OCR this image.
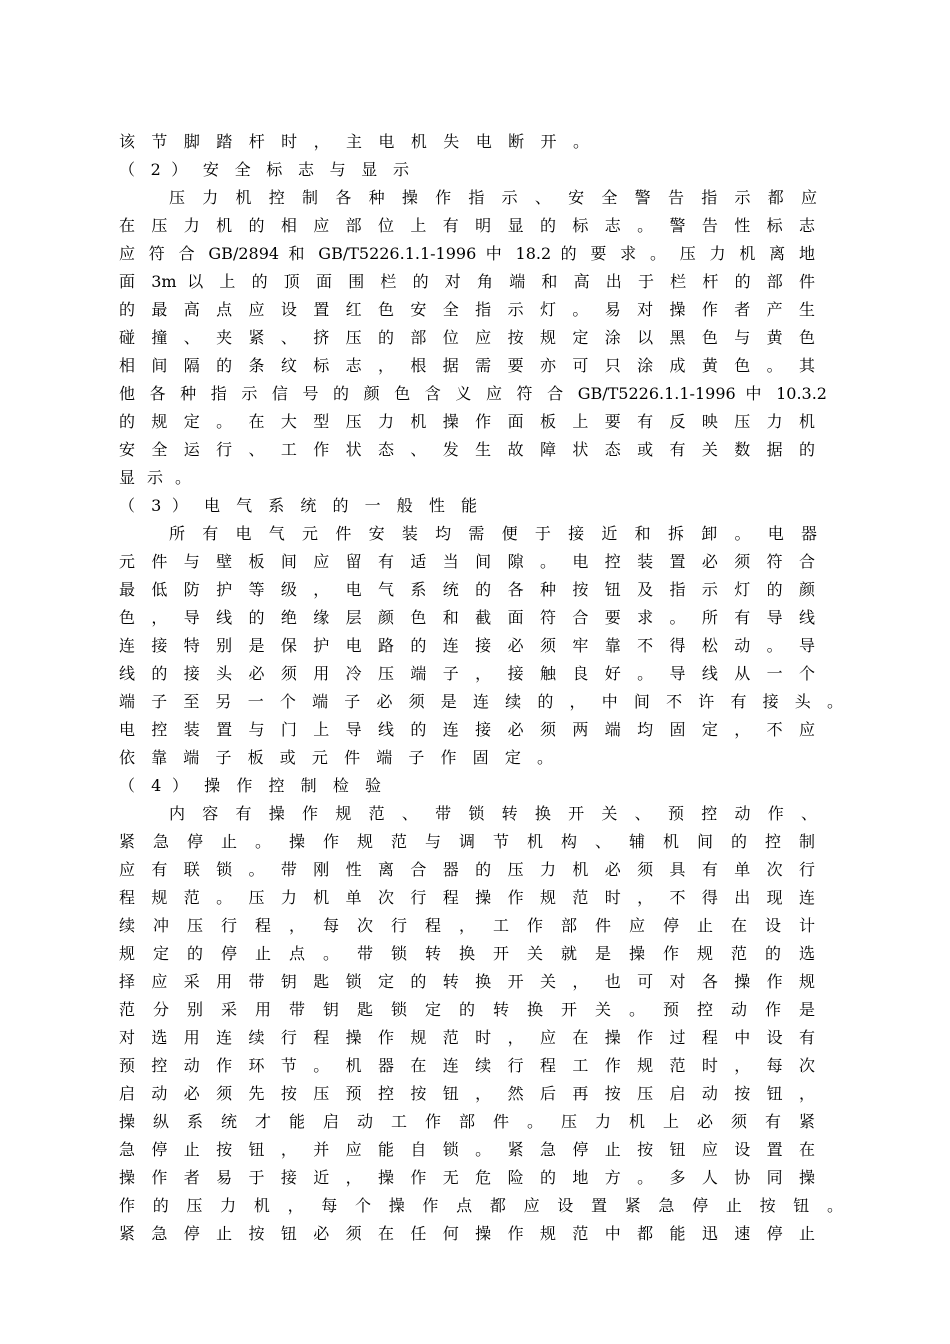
该 节 脚 踏 杆 时 ， 主 电 机 失 电 断 开 。
（ 2 ） 安 全 标 志 与 显 示
压 力 机 控 制 各 种 操 作 指 示 、 安 全 警 告 指 示 都 应
在 压 力 机 的 相 应 部 位 上 有 明 显 的 标 志 。 警 告 性 标 志
应 符 合 GB/2894 和 GB/T5226.1.1-1996 中 18.2 的 要 求 。 压 力 机 离 地
面 3m 以 上 的 顶 面 围 栏 的 对 角 端 和 高 出 于 栏 杆 的 部 件
的 最 高 点 应 设 置 红 色 安 全 指 示 灯 。 易 对 操 作 者 产 生
碰 撞 、 夹 紧 、 挤 压 的 部 位 应 按 规 定 涂 以 黑 色 与 黄 色
相 间 隔 的 条 纹 标 志 ， 根 据 需 要 亦 可 只 涂 成 黄 色 。 其
他 各 种 指 示 信 号 的 颜 色 含 义 应 符 合 GB/T5226.1.1-1996 中 10.3.2
的 规 定 。 在 大 型 压 力 机 操 作 面 板 上 要 有 反 映 压 力 机
安 全 运 行 、 工 作 状 态 、 发 生 故 障 状 态 或 有 关 数 据 的
显 示 。
（ 3 ） 电 气 系 统 的 一 般 性 能
所 有 电 气 元 件 安 装 均 需 便 于 接 近 和 拆 卸 。 电 器
元 件 与 壁 板 间 应 留 有 适 当 间 隙 。 电 控 装 置 必 须 符 合
最 低 防 护 等 级 ， 电 气 系 统 的 各 种 按 钮 及 指 示 灯 的 颜
色 ， 导 线 的 绝 缘 层 颜 色 和 截 面 符 合 要 求 。 所 有 导 线
连 接 特 别 是 保 护 电 路 的 连 接 必 须 牢 靠 不 得 松 动 。 导
线 的 接 头 必 须 用 冷 压 端 子 ， 接 触 良 好 。 导 线 从 一 个
端 子 至 另 一 个 端 子 必 须 是 连 续 的 ， 中 间 不 许 有 接 头 。
电 控 装 置 与 门 上 导 线 的 连 接 必 须 两 端 均 固 定 ， 不 应
依 靠 端 子 板 或 元 件 端 子 作 固 定 。
（ 4 ） 操 作 控 制 检 验
内 容 有 操 作 规 范 、 带 锁 转 换 开 关 、 预 控 动 作 、
紧 急 停 止 。 操 作 规 范 与 调 节 机 构 、 辅 机 间 的 控 制
应 有 联 锁 。 带 刚 性 离 合 器 的 压 力 机 必 须 具 有 单 次 行
程 规 范 。 压 力 机 单 次 行 程 操 作 规 范 时 ， 不 得 出 现 连
续 冲 压 行 程 ， 每 次 行 程 ， 工 作 部 件 应 停 止 在 设 计
规 定 的 停 止 点 。 带 锁 转 换 开 关 就 是 操 作 规 范 的 选
择 应 采 用 带 钥 匙 锁 定 的 转 换 开 关 ， 也 可 对 各 操 作 规
范 分 别 采 用 带 钥 匙 锁 定 的 转 换 开 关 。 预 控 动 作 是
对 选 用 连 续 行 程 操 作 规 范 时 ， 应 在 操 作 过 程 中 设 有
预 控 动 作 环 节 。 机 器 在 连 续 行 程 工 作 规 范 时 ， 每 次
启 动 必 须 先 按 压 预 控 按 钮 ， 然 后 再 按 压 启 动 按 钮 ，
操 纵 系 统 才 能 启 动 工 作 部 件 。 压 力 机 上 必 须 有 紧
急 停 止 按 钮 ， 并 应 能 自 锁 。 紧 急 停 止 按 钮 应 设 置 在
操 作 者 易 于 接 近 ， 操 作 无 危 险 的 地 方 。 多 人 协 同 操
作 的 压 力 机 ， 每 个 操 作 点 都 应 设 置 紧 急 停 止 按 钮 。
紧 急 停 止 按 钮 必 须 在 任 何 操 作 规 范 中 都 能 迅 速 停 止
